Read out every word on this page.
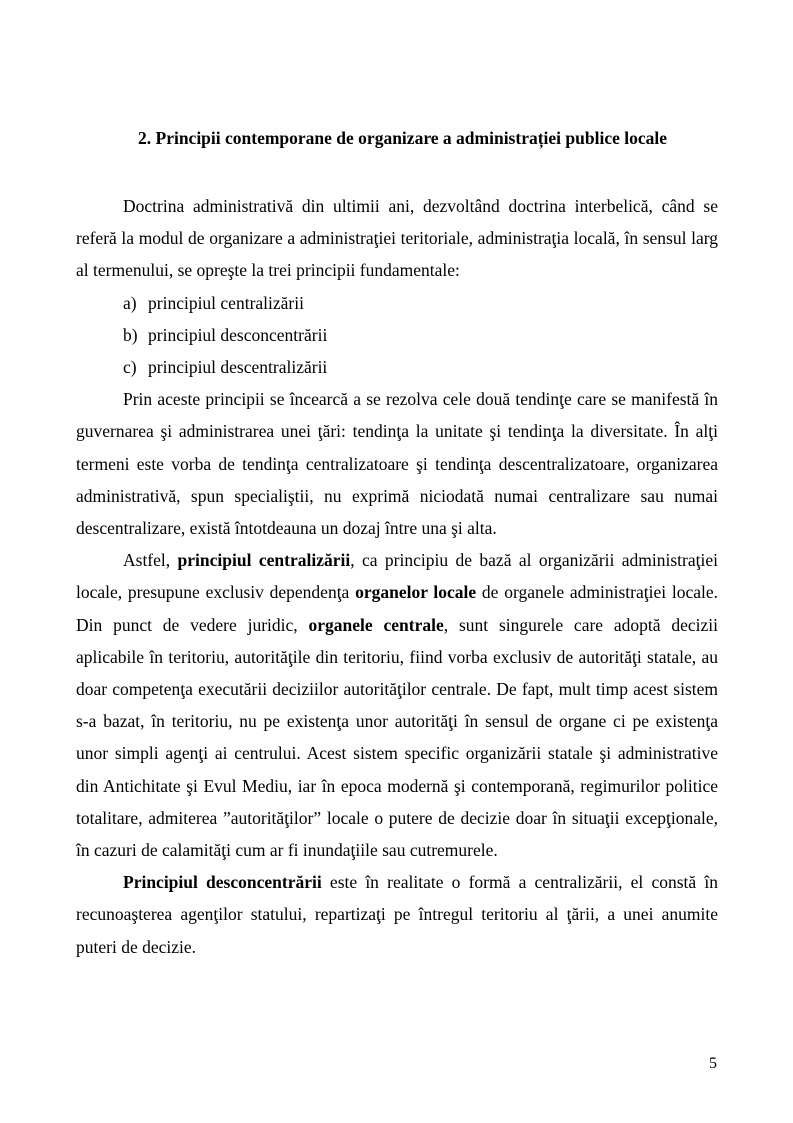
2. Principii contemporane de organizare a administrației publice locale

Doctrina administrativă din ultimii ani, dezvoltând doctrina interbelică, când se referă la modul de organizare a administraţiei teritoriale, administraţia locală, în sensul larg al termenului, se opreşte la trei principii fundamentale:

a) principiul centralizării
b) principiul desconcentrării
c) principiul descentralizării

Prin aceste principii se încearcă a se rezolva cele două tendinţe care se manifestă în guvernarea şi administrarea unei ţări: tendinţa la unitate şi tendinţa la diversitate. În alţi termeni este vorba de tendinţa centralizatoare şi tendinţa descentralizatoare, organizarea administrativă, spun specialiştii, nu exprimă niciodată numai centralizare sau numai descentralizare, există întotdeauna un dozaj între una şi alta.

Astfel, principiul centralizării, ca principiu de bază al organizării administraţiei locale, presupune exclusiv dependenţa organelor locale de organele administraţiei locale. Din punct de vedere juridic, organele centrale, sunt singurele care adoptă decizii aplicabile în teritoriu, autorităţile din teritoriu, fiind vorba exclusiv de autorităţi statale, au doar competenţa executării deciziilor autorităţilor centrale. De fapt, mult timp acest sistem s-a bazat, în teritoriu, nu pe existenţa unor autorităţi în sensul de organe ci pe existenţa unor simpli agenţi ai centrului. Acest sistem specific organizării statale şi administrative din Antichitate şi Evul Mediu, iar în epoca modernă şi contemporană, regimurilor politice totalitare, admiterea ”autorităţilor” locale o putere de decizie doar în situaţii excepţionale, în cazuri de calamităţi cum ar fi inundaţiile sau cutremurele.

Principiul desconcentrării este în realitate o formă a centralizării, el constă în recunoaşterea agenţilor statului, repartizaţi pe întregul teritoriu al ţării, a unei anumite puteri de decizie.

5
